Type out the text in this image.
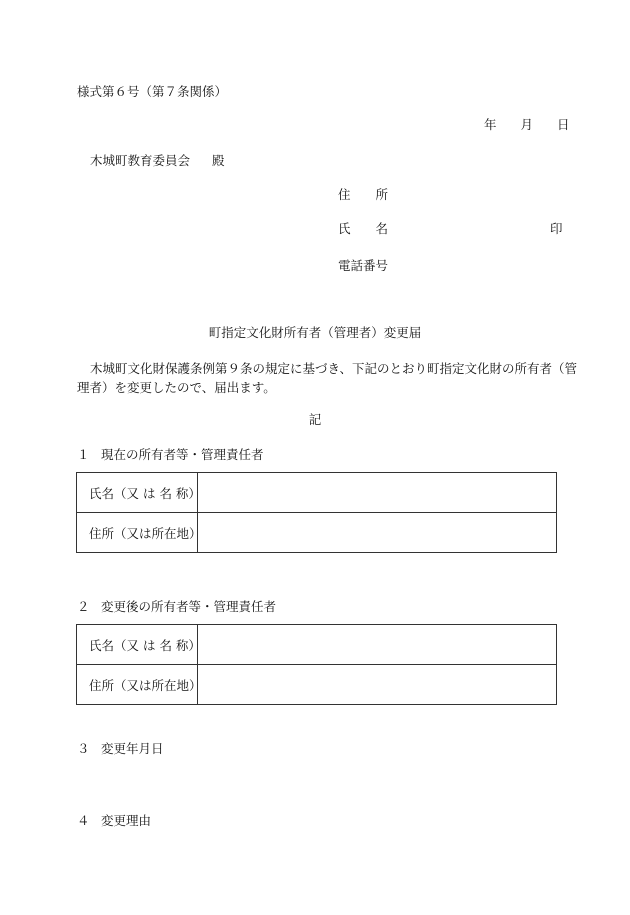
様式第６号（第７条関係）
年 月 日
木城町教育委員会 殿
住　　所
氏　　名	印
電話番号
町指定文化財所有者（管理者）変更届
木城町文化財保護条例第９条の規定に基づき、下記のとおり町指定文化財の所有者（管理者）を変更したので、届出ます。
記
１ 現在の所有者等・管理責任者
氏名（又 は 名 称）	
住所（又は所在地）	
２ 変更後の所有者等・管理責任者
氏名（又 は 名 称）	
住所（又は所在地）	
３ 変更年月日
４ 変更理由
